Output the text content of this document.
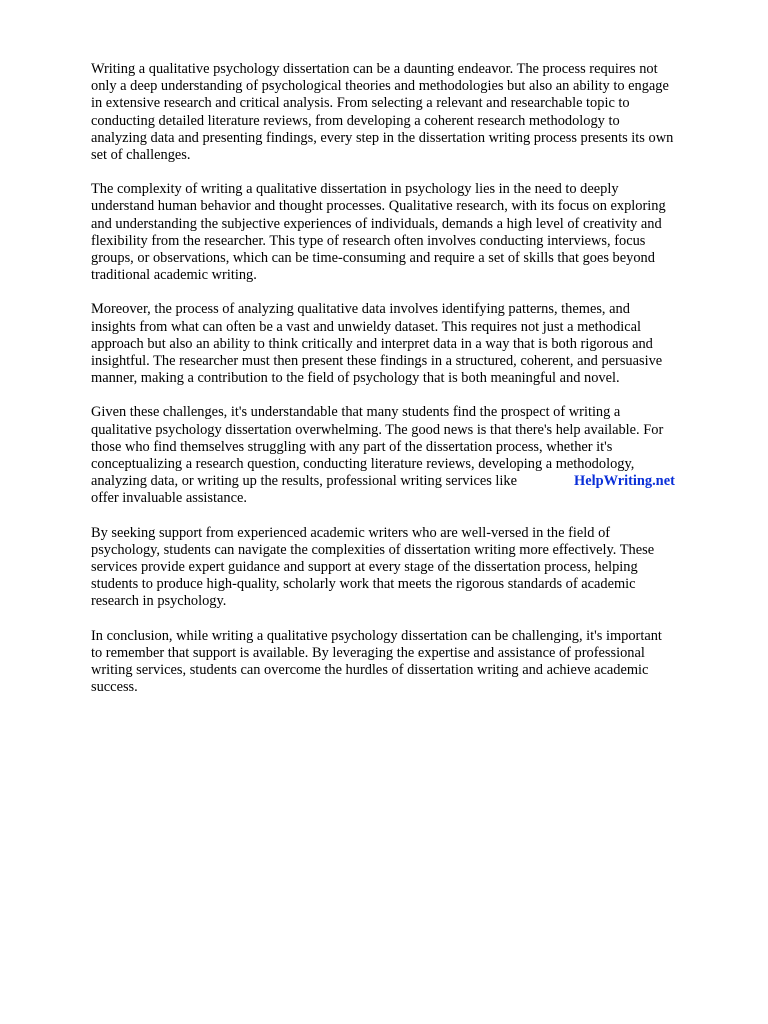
Writing a qualitative psychology dissertation can be a daunting endeavor. The process requires not
only a deep understanding of psychological theories and methodologies but also an ability to engage
in extensive research and critical analysis. From selecting a relevant and researchable topic to
conducting detailed literature reviews, from developing a coherent research methodology to
analyzing data and presenting findings, every step in the dissertation writing process presents its own
set of challenges.

The complexity of writing a qualitative dissertation in psychology lies in the need to deeply
understand human behavior and thought processes. Qualitative research, with its focus on exploring
and understanding the subjective experiences of individuals, demands a high level of creativity and
flexibility from the researcher. This type of research often involves conducting interviews, focus
groups, or observations, which can be time-consuming and require a set of skills that goes beyond
traditional academic writing.

Moreover, the process of analyzing qualitative data involves identifying patterns, themes, and
insights from what can often be a vast and unwieldy dataset. This requires not just a methodical
approach but also an ability to think critically and interpret data in a way that is both rigorous and
insightful. The researcher must then present these findings in a structured, coherent, and persuasive
manner, making a contribution to the field of psychology that is both meaningful and novel.

Given these challenges, it's understandable that many students find the prospect of writing a
qualitative psychology dissertation overwhelming. The good news is that there's help available. For
those who find themselves struggling with any part of the dissertation process, whether it's
conceptualizing a research question, conducting literature reviews, developing a methodology,
analyzing data, or writing up the results, professional writing services like
offer invaluable assistance.
HelpWriting.net

By seeking support from experienced academic writers who are well-versed in the field of
psychology, students can navigate the complexities of dissertation writing more effectively. These
services provide expert guidance and support at every stage of the dissertation process, helping
students to produce high-quality, scholarly work that meets the rigorous standards of academic
research in psychology.

In conclusion, while writing a qualitative psychology dissertation can be challenging, it's important
to remember that support is available. By leveraging the expertise and assistance of professional
writing services, students can overcome the hurdles of dissertation writing and achieve academic
success.
